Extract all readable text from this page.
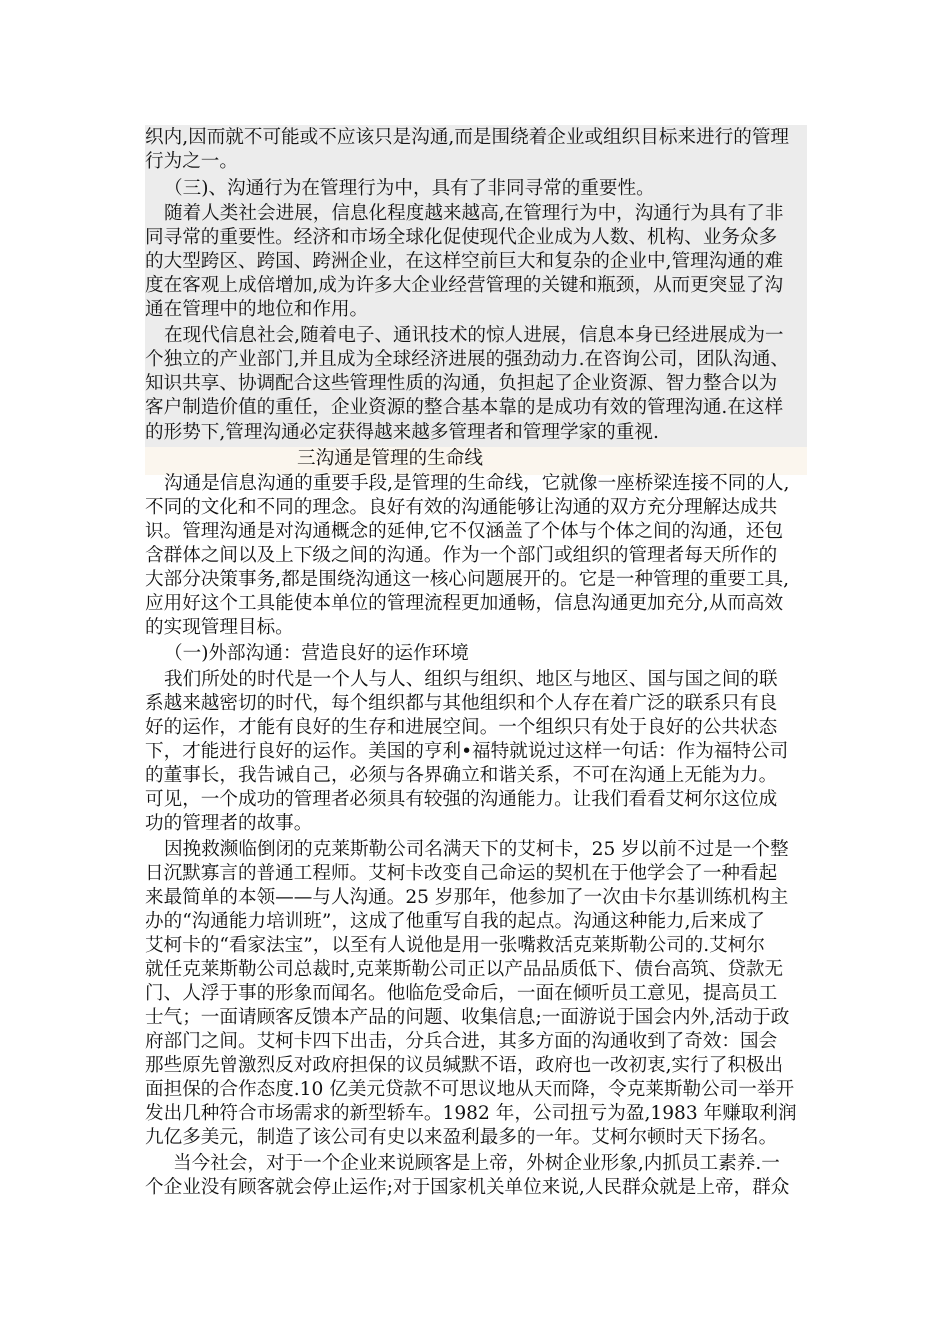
织内,因而就不可能或不应该只是沟通,而是围绕着企业或组织目标来进行的管理
行为之一。
（三)、沟通行为在管理行为中，具有了非同寻常的重要性。
随着人类社会进展，信息化程度越来越高,在管理行为中，沟通行为具有了非
同寻常的重要性。经济和市场全球化促使现代企业成为人数、机构、业务众多
的大型跨区、跨国、跨洲企业，在这样空前巨大和复杂的企业中,管理沟通的难
度在客观上成倍增加,成为许多大企业经营管理的关键和瓶颈，从而更突显了沟
通在管理中的地位和作用。
在现代信息社会,随着电子、通讯技术的惊人进展，信息本身已经进展成为一
个独立的产业部门,并且成为全球经济进展的强劲动力.在咨询公司，团队沟通、
知识共享、协调配合这些管理性质的沟通，负担起了企业资源、智力整合以为
客户制造价值的重任，企业资源的整合基本靠的是成功有效的管理沟通.在这样
的形势下,管理沟通必定获得越来越多管理者和管理学家的重视.
三沟通是管理的生命线
沟通是信息沟通的重要手段,是管理的生命线，它就像一座桥梁连接不同的人,
不同的文化和不同的理念。良好有效的沟通能够让沟通的双方充分理解达成共
识。管理沟通是对沟通概念的延伸,它不仅涵盖了个体与个体之间的沟通，还包
含群体之间以及上下级之间的沟通。作为一个部门或组织的管理者每天所作的
大部分决策事务,都是围绕沟通这一核心问题展开的。它是一种管理的重要工具,
应用好这个工具能使本单位的管理流程更加通畅，信息沟通更加充分,从而高效
的实现管理目标。
（一)外部沟通：营造良好的运作环境
我们所处的时代是一个人与人、组织与组织、地区与地区、国与国之间的联
系越来越密切的时代，每个组织都与其他组织和个人存在着广泛的联系只有良
好的运作，才能有良好的生存和进展空间。一个组织只有处于良好的公共状态
下，才能进行良好的运作。美国的亨利•福特就说过这样一句话：作为福特公司
的董事长，我告诫自己，必须与各界确立和谐关系，不可在沟通上无能为力。
可见，一个成功的管理者必须具有较强的沟通能力。让我们看看艾柯尔这位成
功的管理者的故事。
因挽救濒临倒闭的克莱斯勒公司名满天下的艾柯卡，25 岁以前不过是一个整
日沉默寡言的普通工程师。艾柯卡改变自己命运的契机在于他学会了一种看起
来最简单的本领——与人沟通。25 岁那年，他参加了一次由卡尔基训练机构主
办的“沟通能力培训班”，这成了他重写自我的起点。沟通这种能力,后来成了
艾柯卡的“看家法宝”，以至有人说他是用一张嘴救活克莱斯勒公司的.艾柯尔
就任克莱斯勒公司总裁时,克莱斯勒公司正以产品品质低下、债台高筑、贷款无
门、人浮于事的形象而闻名。他临危受命后，一面在倾听员工意见，提高员工
士气；一面请顾客反馈本产品的问题、收集信息;一面游说于国会内外,活动于政
府部门之间。艾柯卡四下出击，分兵合进，其多方面的沟通收到了奇效：国会
那些原先曾激烈反对政府担保的议员缄默不语，政府也一改初衷,实行了积极出
面担保的合作态度.10 亿美元贷款不可思议地从天而降，令克莱斯勒公司一举开
发出几种符合市场需求的新型轿车。1982 年，公司扭亏为盈,1983 年赚取利润
九亿多美元，制造了该公司有史以来盈利最多的一年。艾柯尔顿时天下扬名。
当今社会，对于一个企业来说顾客是上帝，外树企业形象,内抓员工素养.一
个企业没有顾客就会停止运作;对于国家机关单位来说,人民群众就是上帝，群众
